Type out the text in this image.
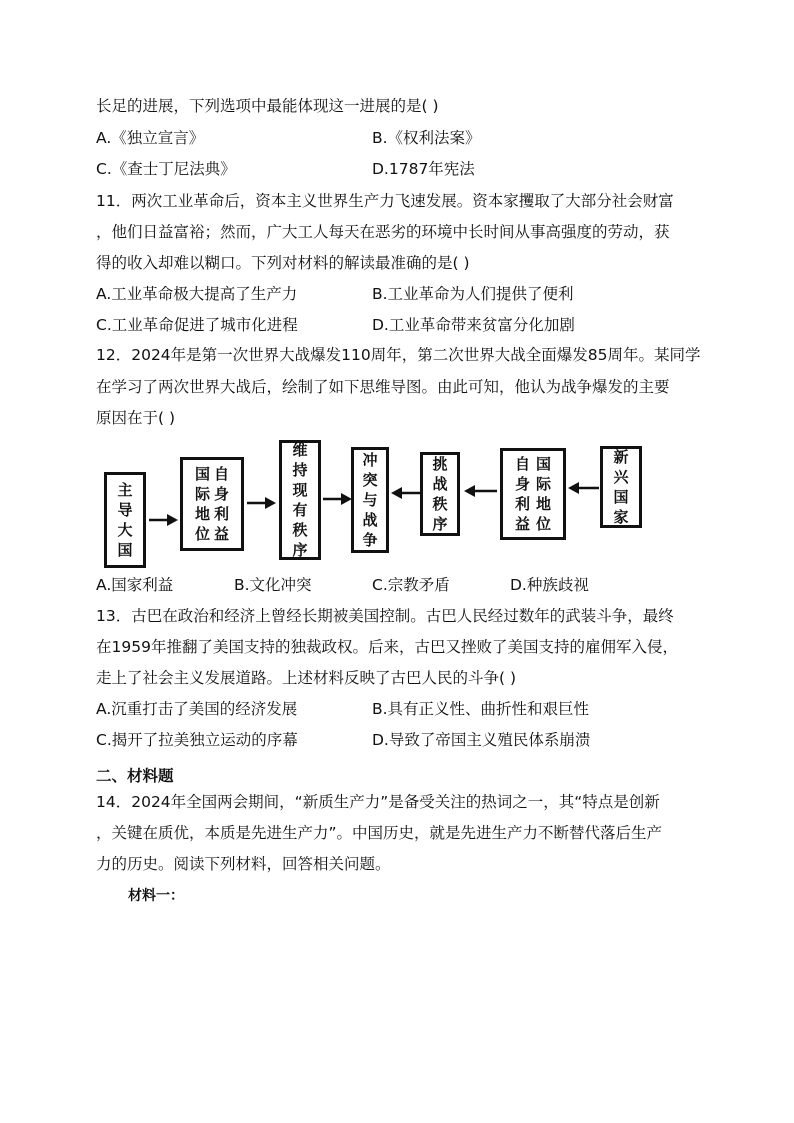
长足的进展，下列选项中最能体现这一进展的是( )
A.《独立宣言》	B.《权利法案》
C.《查士丁尼法典》	D.1787年宪法
11．两次工业革命后，资本主义世界生产力飞速发展。资本家攫取了大部分社会财富
，他们日益富裕；然而，广大工人每天在恶劣的环境中长时间从事高强度的劳动，获
得的收入却难以糊口。下列对材料的解读最准确的是( )
A.工业革命极大提高了生产力	B.工业革命为人们提供了便利
C.工业革命促进了城市化进程	D.工业革命带来贫富分化加剧
12．2024年是第一次世界大战爆发110周年，第二次世界大战全面爆发85周年。某同学
在学习了两次世界大战后，绘制了如下思维导图。由此可知，他认为战争爆发的主要
原因在于( )
主
导
大
国
自
身
利
益
国
际
地
位
维
持
现
有
秩
序
冲
突
与
战
争
挑
战
秩
序
国
际
地
位
自
身
利
益
新
兴
国
家
A.国家利益	B.文化冲突	C.宗教矛盾	D.种族歧视
13．古巴在政治和经济上曾经长期被美国控制。古巴人民经过数年的武装斗争，最终
在1959年推翻了美国支持的独裁政权。后来，古巴又挫败了美国支持的雇佣军入侵，
走上了社会主义发展道路。上述材料反映了古巴人民的斗争( )
A.沉重打击了美国的经济发展	B.具有正义性、曲折性和艰巨性
C.揭开了拉美独立运动的序幕	D.导致了帝国主义殖民体系崩溃
二、材料题
14．2024年全国两会期间，“新质生产力”是备受关注的热词之一，其“特点是创新
，关键在质优，本质是先进生产力”。中国历史，就是先进生产力不断替代落后生产
力的历史。阅读下列材料，回答相关问题。
材料一：
